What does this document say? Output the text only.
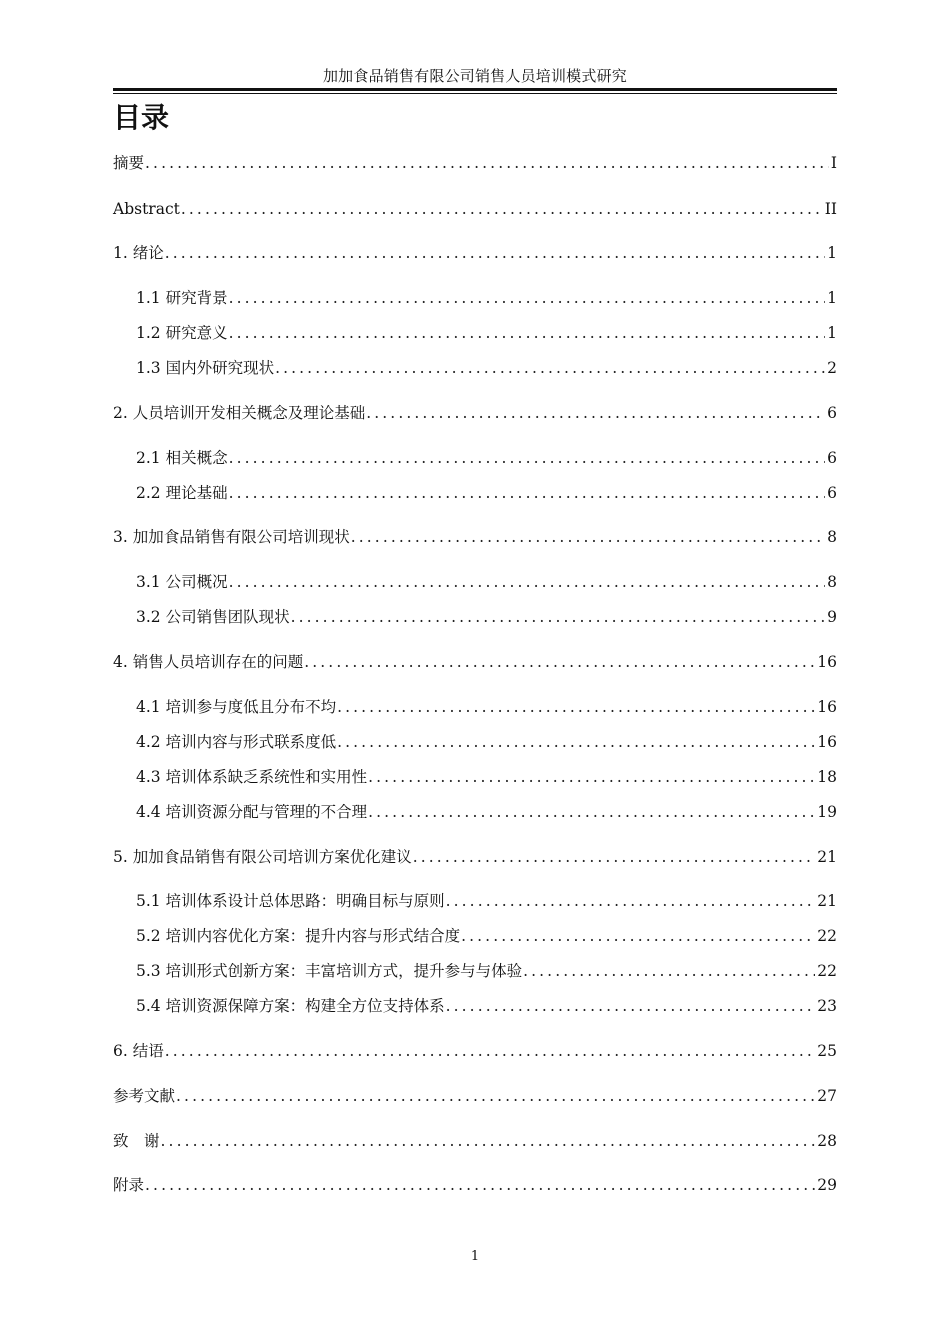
加加食品销售有限公司销售人员培训模式研究
目录
摘要 .....	I
Abstract .....	II
1. 绪论 .....	1
1.1 研究背景 .....	1
1.2 研究意义 .....	1
1.3 国内外研究现状 .....	2
2. 人员培训开发相关概念及理论基础 .....	6
2.1 相关概念 .....	6
2.2 理论基础 .....	6
3. 加加食品销售有限公司培训现状 .....	8
3.1 公司概况 .....	8
3.2 公司销售团队现状 .....	9
4. 销售人员培训存在的问题 .....	16
4.1 培训参与度低且分布不均 .....	16
4.2 培训内容与形式联系度低 .....	16
4.3 培训体系缺乏系统性和实用性 .....	18
4.4 培训资源分配与管理的不合理 .....	19
5. 加加食品销售有限公司培训方案优化建议 .....	21
5.1 培训体系设计总体思路：明确目标与原则 .....	21
5.2 培训内容优化方案：提升内容与形式结合度 .....	22
5.3 培训形式创新方案：丰富培训方式，提升参与与体验 .....	22
5.4 培训资源保障方案：构建全方位支持体系 .....	23
6. 结语 .....	25
参考文献 .....	27
致　谢 .....	28
附录 .....	29
1
